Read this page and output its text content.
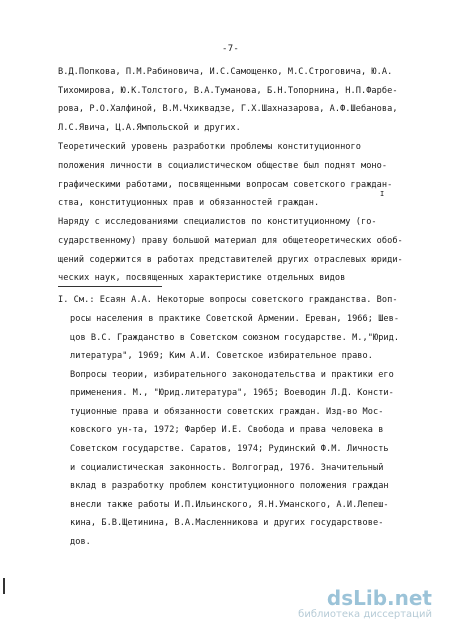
-7-
В.Д.Попкова, П.М.Рабиновича, И.С.Самощенко, М.С.Строговича, Ю.А.
Тихомирова, Ю.К.Толстого, В.А.Тумановa, Б.Н.Топорнина, Н.П.Фарбе-
ровa, Р.О.Халфиной, В.М.Чхиквадзе, Г.Х.Шахназарова, А.Ф.Шебанова,
Л.С.Явича, Ц.А.Ямпольской и других.
Теоретический уровень разработки проблемы конституционного
положения личности в социалистическом обществе был поднят моно-
графическими работами, посвященными вопросам советского граждан-
ства, конституционных прав и обязанностей граждан.
I
Наряду с исследованиями специалистов по конституционному (го-
сударственному) праву большой материал для общетеоретических обоб-
щений содержится в работах представителей других отраслевых юриди-
ческих наук, посвященных характеристике отдельных видов
I. См.: Есаян А.А. Некоторые вопросы советского гражданства. Воп-
росы населения в практике Советской Армении. Ереван, 1966; Шев-
цов В.С. Гражданство в Советском союзном государстве. М.,"Юрид.
литература", 1969; Ким А.И. Советское избирательное право.
Вопросы теории, избирательного законодательства и практики его
применения. М., "Юрид.литература", 1965; Воеводин Л.Д. Консти-
туционные права и обязанности советских граждан. Изд-во Мос-
ковского ун-та, 1972; Фарбер И.Е. Свобода и права человека в
Советском государстве. Саратов, 1974; Рудинский Ф.М. Личность
и социалистическая законность. Волгоград, 1976. Значительный
вклад в разработку проблем конституционного положения граждан
внесли также работы И.П.Ильинского, Я.Н.Уманского, А.И.Лепеш-
кина, Б.В.Щетинина, В.А.Масленникова и других государствове-
дов.
dsLib.net
библиотека диссертаций
